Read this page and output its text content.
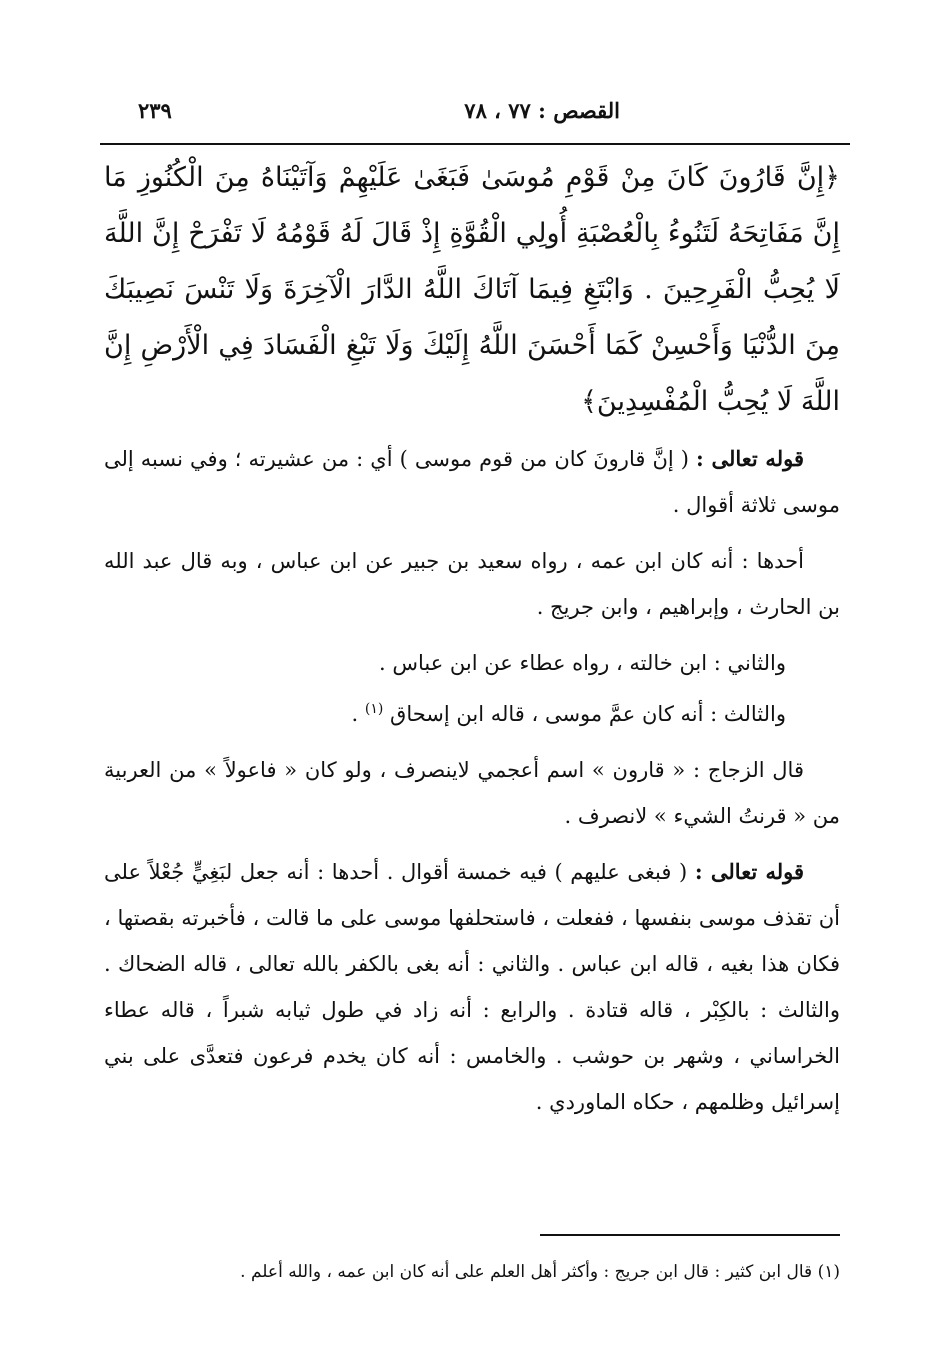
القصص : ٧٧ ، ٧٨
٢٣٩

﴿إِنَّ قَارُونَ كَانَ مِنْ قَوْمِ مُوسَىٰ فَبَغَىٰ عَلَيْهِمْ وَآتَيْنَاهُ مِنَ الْكُنُوزِ مَا إِنَّ مَفَاتِحَهُ لَتَنُوءُ بِالْعُصْبَةِ أُولِي الْقُوَّةِ إِذْ قَالَ لَهُ قَوْمُهُ لَا تَفْرَحْ إِنَّ اللَّهَ لَا يُحِبُّ الْفَرِحِينَ . وَابْتَغِ فِيمَا آتَاكَ اللَّهُ الدَّارَ الْآخِرَةَ وَلَا تَنْسَ نَصِيبَكَ مِنَ الدُّنْيَا وَأَحْسِنْ كَمَا أَحْسَنَ اللَّهُ إِلَيْكَ وَلَا تَبْغِ الْفَسَادَ فِي الْأَرْضِ إِنَّ اللَّهَ لَا يُحِبُّ الْمُفْسِدِينَ﴾

قوله تعالى : ( إنَّ قارونَ كان من قوم موسى ) أي : من عشيرته ؛ وفي نسبه إلى موسى ثلاثة أقوال .

أحدها : أنه كان ابن عمه ، رواه سعيد بن جبير عن ابن عباس ، وبه قال عبد الله بن الحارث ، وإبراهيم ، وابن جريج .

والثاني : ابن خالته ، رواه عطاء عن ابن عباس .

والثالث : أنه كان عمَّ موسى ، قاله ابن إسحاق $^{(١)}$ .

قال الزجاج : « قارون » اسم أعجمي لاينصرف ، ولو كان « فاعولاً » من العربية من « قرنتُ الشيء » لانصرف .

قوله تعالى : ( فبغى عليهم ) فيه خمسة أقوال . أحدها : أنه جعل لبَغِيٍّ جُعْلاً على أن تقذف موسى بنفسها ، ففعلت ، فاستحلفها موسى على ما قالت ، فأخبرته بقصتها ، فكان هذا بغيه ، قاله ابن عباس . والثاني : أنه بغى بالكفر بالله تعالى ، قاله الضحاك . والثالث : بالكِبْر ، قاله قتادة . والرابع : أنه زاد في طول ثيابه شبراً ، قاله عطاء الخراساني ، وشهر بن حوشب . والخامس : أنه كان يخدم فرعون فتعدَّى على بني إسرائيل وظلمهم ، حكاه الماوردي .

(١) قال ابن كثير : قال ابن جريج : وأكثر أهل العلم على أنه كان ابن عمه ، والله أعلم .
